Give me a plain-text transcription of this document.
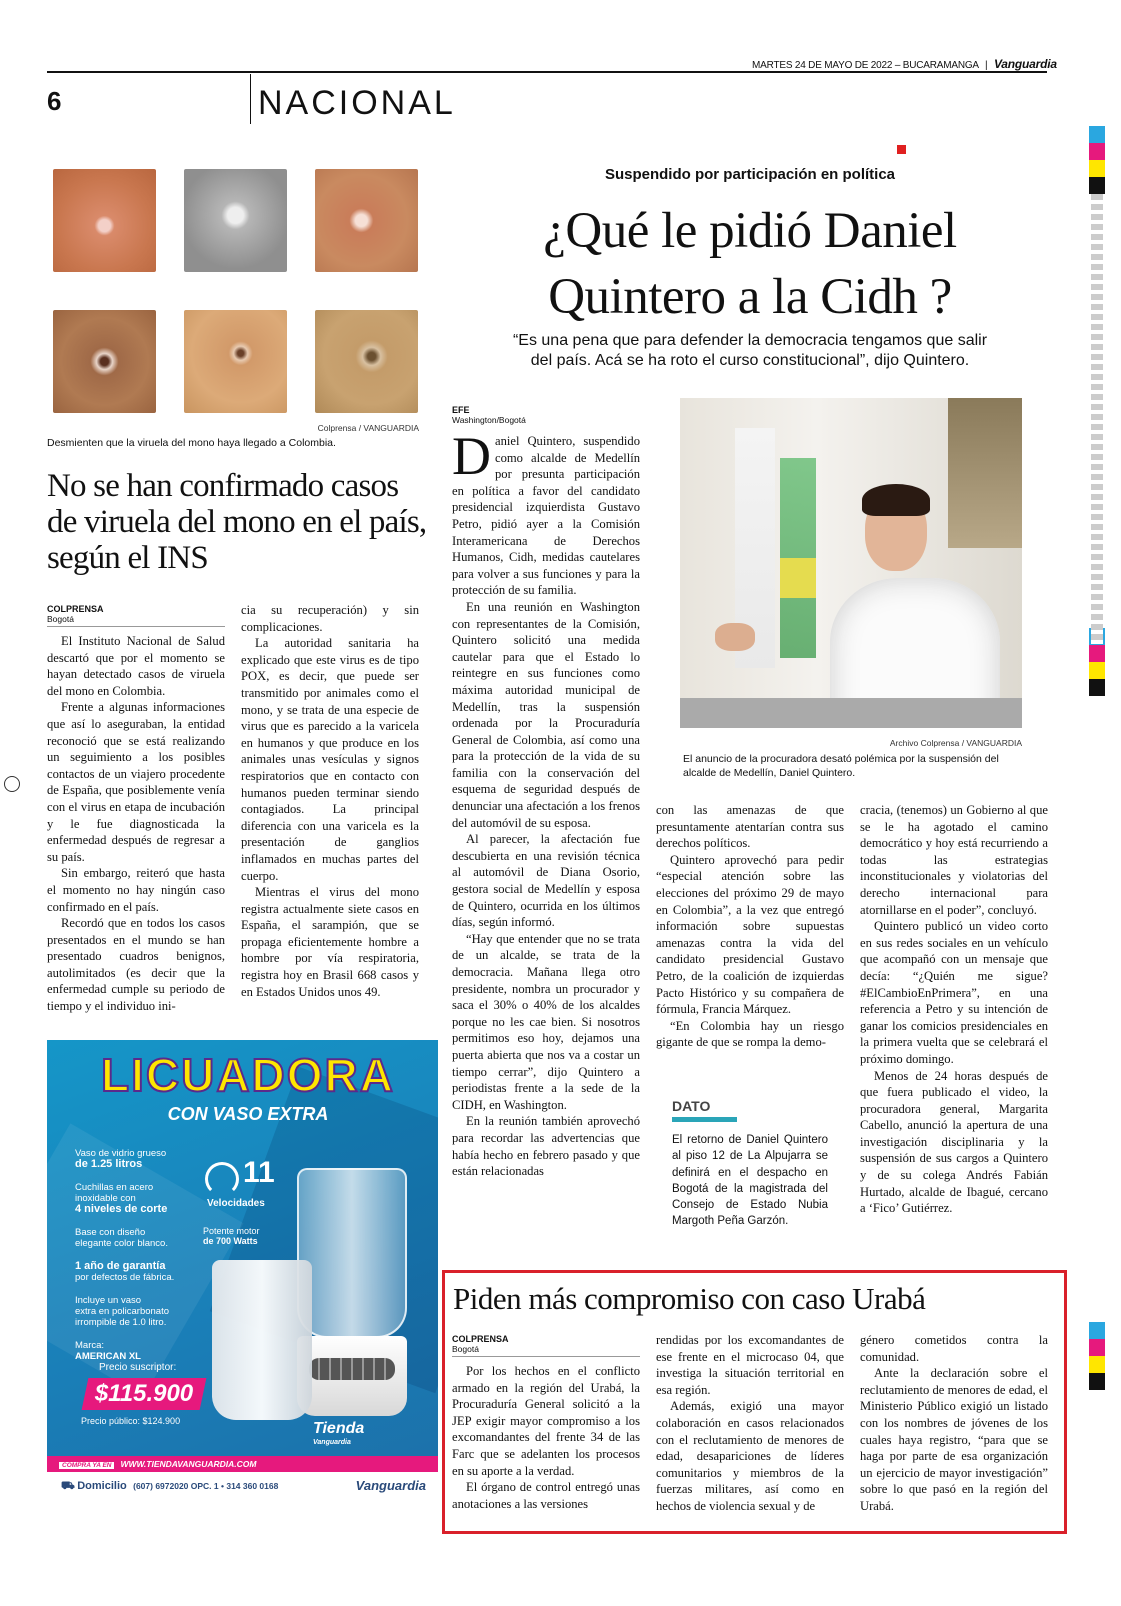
MARTES 24 DE MAYO DE 2022 – BUCARAMANGA | Vanguardia
6	NACIONAL
Colprensa / VANGUARDIA
Desmienten que la viruela del mono haya llegado a Colombia.
No se han confirmado casos de viruela del mono en el país, según el INS
COLPRENSA
Bogotá

El Instituto Nacional de Salud descartó que por el momento se hayan detectado casos de viruela del mono en Colombia.

Frente a algunas informaciones que así lo aseguraban, la entidad reconoció que se está realizando un seguimiento a los posibles contactos de un viajero procedente de España, que posiblemente venía con el virus en etapa de incubación y le fue diagnosticada la enfermedad después de regresar a su país.

Sin embargo, reiteró que hasta el momento no hay ningún caso confirmado en el país.

Recordó que en todos los casos presentados en el mundo se han presentado cuadros benignos, autolimitados (es decir que la enfermedad cumple su periodo de tiempo y el individuo ini-

cia su recuperación) y sin complicaciones.

La autoridad sanitaria ha explicado que este virus es de tipo POX, es decir, que puede ser transmitido por animales como el mono, y se trata de una especie de virus que es parecido a la varicela en humanos y que produce en los animales unas vesículas y signos respiratorios que en contacto con humanos pueden terminar siendo contagiados. La principal diferencia con una varicela es la presentación de ganglios inflamados en muchas partes del cuerpo.

Mientras el virus del mono registra actualmente siete casos en España, el sarampión, que se propaga eficientemente hombre a hombre por vía respiratoria, registra hoy en Brasil 668 casos y en Estados Unidos unos 49.

Suspendido por participación en política
¿Qué le pidió Daniel
Quintero a la Cidh ?
“Es una pena que para defender la democracia tengamos que salir
del país. Acá se ha roto el curso constitucional”, dijo Quintero.
EFE
Washington/Bogotá

Daniel Quintero, suspendido como alcalde de Medellín por presunta participación en política a favor del candidato presidencial izquierdista Gustavo Petro, pidió ayer a la Comisión Interamericana de Derechos Humanos, Cidh, medidas cautelares para volver a sus funciones y para la protección de su familia.

En una reunión en Washington con representantes de la Comisión, Quintero solicitó una medida cautelar para que el Estado lo reintegre en sus funciones como máxima autoridad municipal de Medellín, tras la suspensión ordenada por la Procuraduría General de Colombia, así como una para la protección de la vida de su familia con la conservación del esquema de seguridad después de denunciar una afectación a los frenos del automóvil de su esposa.

Al parecer, la afectación fue descubierta en una revisión técnica al automóvil de Diana Osorio, gestora social de Medellín y esposa de Quintero, ocurrida en los últimos días, según informó.

“Hay que entender que no se trata de un alcalde, se trata de la democracia. Mañana llega otro presidente, nombra un procurador y saca el 30% o 40% de los alcaldes porque no les cae bien. Si nosotros permitimos eso hoy, dejamos una puerta abierta que nos va a costar un tiempo cerrar”, dijo Quintero a periodistas frente a la sede de la CIDH, en Washington.

En la reunión también aprovechó para recordar las advertencias que había hecho en febrero pasado y que están relacionadas

Archivo Colprensa / VANGUARDIA
El anuncio de la procuradora desató polémica por la suspensión del alcalde de Medellín, Daniel Quintero.

con las amenazas de que presuntamente atentarían contra sus derechos políticos.

Quintero aprovechó para pedir “especial atención sobre las elecciones del próximo 29 de mayo en Colombia”, a la vez que entregó información sobre supuestas amenazas contra la vida del candidato presidencial Gustavo Petro, de la coalición de izquierdas Pacto Histórico y su compañera de fórmula, Francia Márquez.

“En Colombia hay un riesgo gigante de que se rompa la demo-

DATO
El retorno de Daniel Quintero al piso 12 de La Alpujarra se definirá en el despacho en Bogotá de la magistrada del Consejo de Estado Nubia Margoth Peña Garzón.

cracia, (tenemos) un Gobierno al que se le ha agotado el camino democrático y hoy está recurriendo a todas las estrategias inconstitucionales y violatorias del derecho internacional para atornillarse en el poder”, concluyó.

Quintero publicó un video corto en sus redes sociales en un vehículo que acompañó con un mensaje que decía: “¿Quién me sigue? #ElCambioEnPrimera”, en una referencia a Petro y su intención de ganar los comicios presidenciales en la primera vuelta que se celebrará el próximo domingo.

Menos de 24 horas después de que fuera publicado el video, la procuradora general, Margarita Cabello, anunció la apertura de una investigación disciplinaria y la suspensión de sus cargos a Quintero y de su colega Andrés Fabián Hurtado, alcalde de Ibagué, cercano a ‘Fico’ Gutiérrez.

Piden más compromiso con caso Urabá
COLPRENSA
Bogotá

Por los hechos en el conflicto armado en la región del Urabá, la Procuraduría General solicitó a la JEP exigir mayor compromiso a los excomandantes del frente 34 de las Farc que se adelanten los procesos en su aporte a la verdad.

El órgano de control entregó unas anotaciones a las versiones

rendidas por los excomandantes de ese frente en el microcaso 04, que investiga la situación territorial en esa región.

Además, exigió una mayor colaboración en casos relacionados con el reclutamiento de menores de edad, desapariciones de líderes comunitarios y miembros de la fuerzas militares, así como en hechos de violencia sexual y de

género cometidos contra la comunidad.

Ante la declaración sobre el reclutamiento de menores de edad, el Ministerio Público exigió un listado con los nombres de jóvenes de los cuales haya registro, “para que se haga por parte de esa organización un ejercicio de mayor investigación” sobre lo que pasó en la región del Urabá.

LICUADORA
CON VASO EXTRA
Vaso de vidrio grueso
de 1.25 litros
Cuchillas en acero
inoxidable con
4 niveles de corte
Base con diseño
elegante color blanco.
1 año de garantía
por defectos de fábrica.
Incluye un vaso
extra en policarbonato
irrompible de 1.0 litro.
Marca:
AMERICAN XL
11
Velocidades
Potente motor
de 700 Watts
Precio suscriptor:
$115.900
Precio público: $124.900	Tienda
Vanguardia
COMPRA YA EN WWW.TIENDAVANGUARDIA.COM
⛟ Domicilio (607) 6972020 OPC. 1 • 314 360 0168	Vanguardia
